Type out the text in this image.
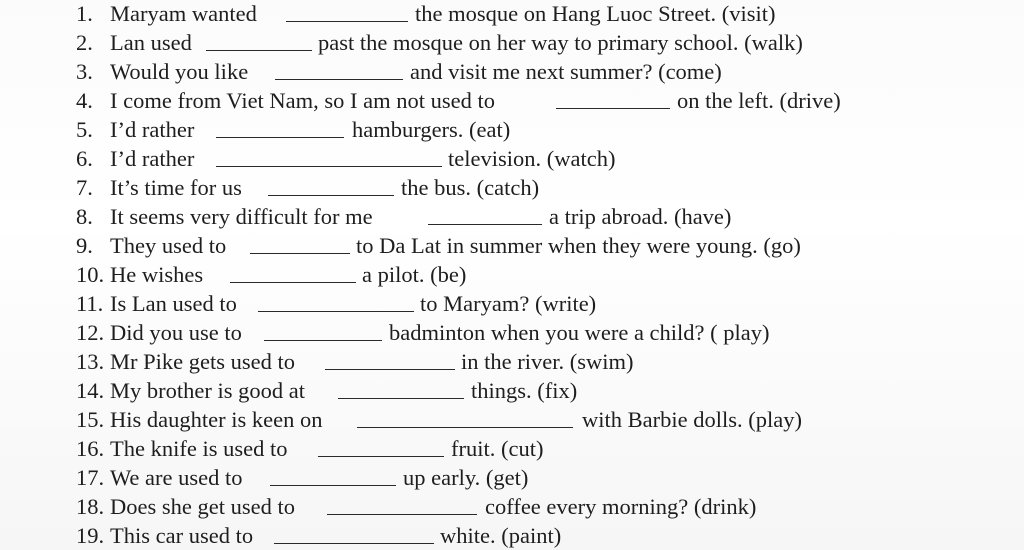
1. Maryam wanted	the mosque on Hang Luoc Street. (visit)
2. Lan used	past the mosque on her way to primary school. (walk)
3. Would you like	and visit me next summer? (come)
4. I come from Viet Nam, so I am not used to	on the left. (drive)
5. I’d rather	hamburgers. (eat)
6. I’d rather	television. (watch)
7. It’s time for us	the bus. (catch)
8. It seems very difficult for me	a trip abroad. (have)
9. They used to	to Da Lat in summer when they were young. (go)
10. He wishes	a pilot. (be)
11. Is Lan used to	to Maryam? (write)
12. Did you use to	badminton when you were a child? ( play)
13. Mr Pike gets used to	in the river. (swim)
14. My brother is good at	things. (fix)
15. His daughter is keen on	with Barbie dolls. (play)
16. The knife is used to	fruit. (cut)
17. We are used to	up early. (get)
18. Does she get used to	coffee every morning? (drink)
19. This car used to	white. (paint)
